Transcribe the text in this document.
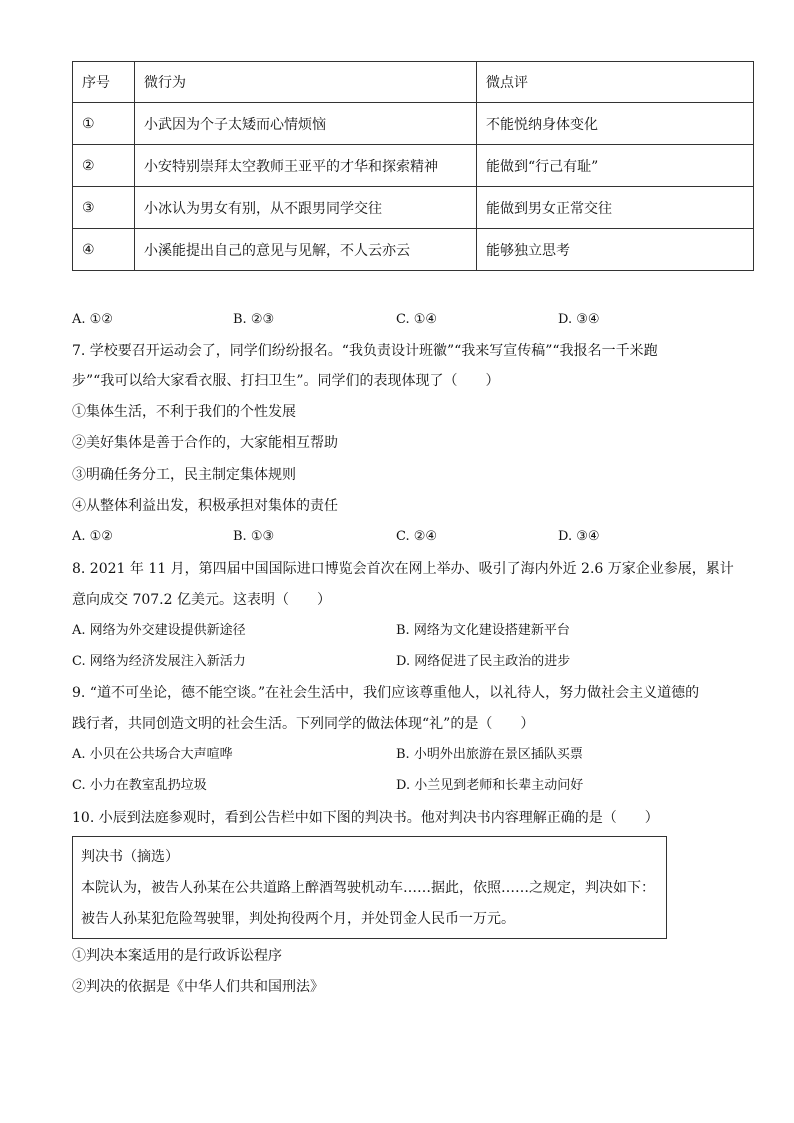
序号	微行为	微点评
①	小武因为个子太矮而心情烦恼	不能悦纳身体变化
②	小安特别崇拜太空教师王亚平的才华和探索精神	能做到“行己有耻”
③	小冰认为男女有别，从不跟男同学交往	能做到男女正常交往
④	小溪能提出自己的意见与见解，不人云亦云	能够独立思考
A. ①②	B. ②③	C. ①④	D. ③④
7. 学校要召开运动会了，同学们纷纷报名。“我负责设计班徽”“我来写宣传稿”“我报名一千米跑
步”“我可以给大家看衣服、打扫卫生”。同学们的表现体现了（　　）
①集体生活，不利于我们的个性发展
②美好集体是善于合作的，大家能相互帮助
③明确任务分工，民主制定集体规则
④从整体利益出发，积极承担对集体的责任
A. ①②	B. ①③	C. ②④	D. ③④
8. 2021 年 11 月，第四届中国国际进口博览会首次在网上举办、吸引了海内外近 2.6 万家企业参展，累计
意向成交 707.2 亿美元。这表明（　　）
A. 网络为外交建设提供新途径	B. 网络为文化建设搭建新平台
C. 网络为经济发展注入新活力	D. 网络促进了民主政治的进步
9. “道不可坐论，德不能空谈。”在社会生活中，我们应该尊重他人，以礼待人，努力做社会主义道德的
践行者，共同创造文明的社会生活。下列同学的做法体现“礼”的是（　　）
A. 小贝在公共场合大声喧哗	B. 小明外出旅游在景区插队买票
C. 小力在教室乱扔垃圾	D. 小兰见到老师和长辈主动问好
10. 小辰到法庭参观时，看到公告栏中如下图的判决书。他对判决书内容理解正确的是（　　）
判决书（摘选）
本院认为，被告人孙某在公共道路上醉酒驾驶机动车……据此，依照……之规定，判决如下：
被告人孙某犯危险驾驶罪，判处拘役两个月，并处罚金人民币一万元。
①判决本案适用的是行政诉讼程序
②判决的依据是《中华人们共和国刑法》
